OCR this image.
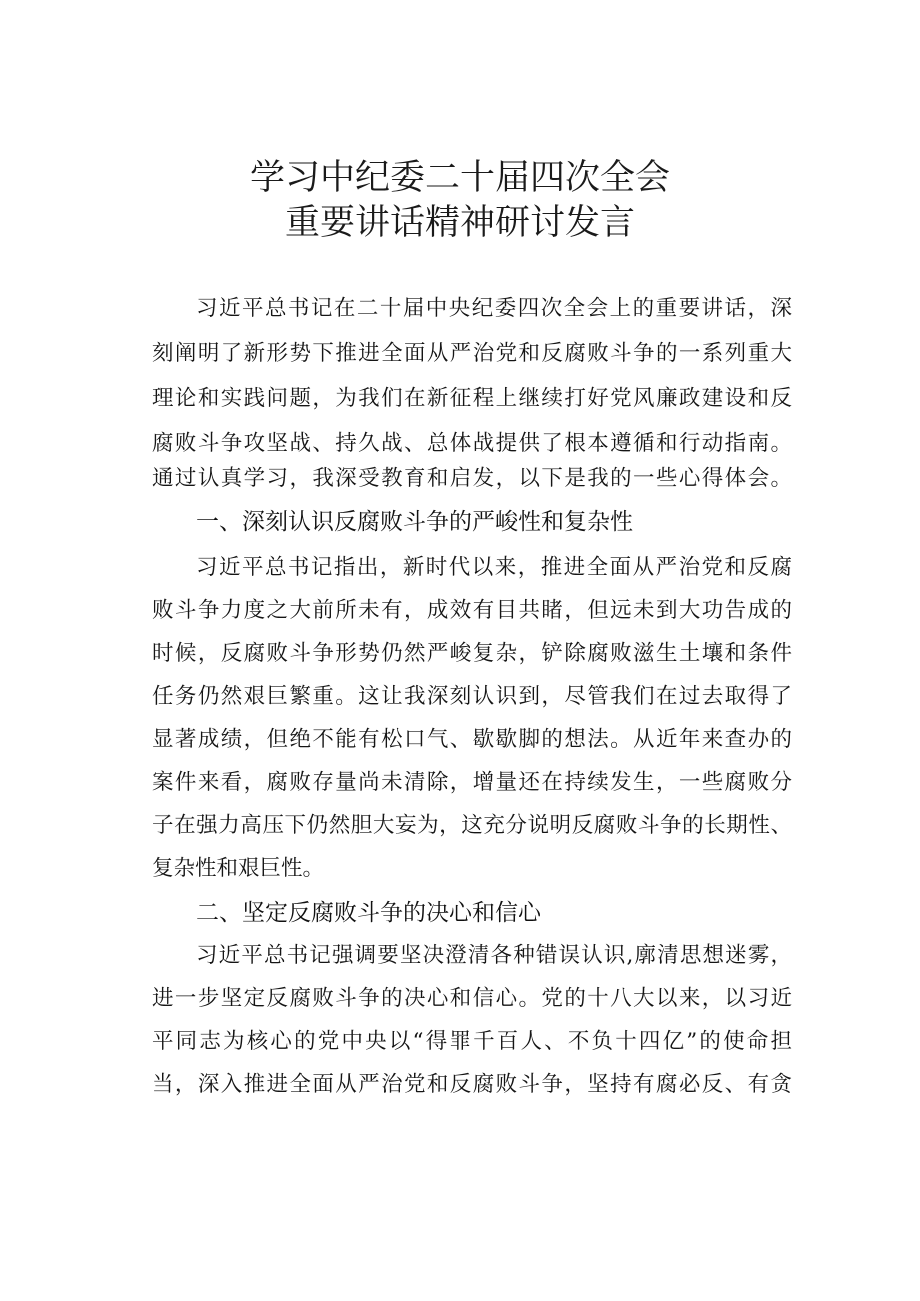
学习中纪委二十届四次全会
重要讲话精神研讨发言
习近平总书记在二十届中央纪委四次全会上的重要讲话，深
刻阐明了新形势下推进全面从严治党和反腐败斗争的一系列重大
理论和实践问题，为我们在新征程上继续打好党风廉政建设和反
腐败斗争攻坚战、持久战、总体战提供了根本遵循和行动指南。
通过认真学习，我深受教育和启发，以下是我的一些心得体会。
一、深刻认识反腐败斗争的严峻性和复杂性
习近平总书记指出，新时代以来，推进全面从严治党和反腐
败斗争力度之大前所未有，成效有目共睹，但远未到大功告成的
时候，反腐败斗争形势仍然严峻复杂，铲除腐败滋生土壤和条件
任务仍然艰巨繁重。这让我深刻认识到，尽管我们在过去取得了
显著成绩，但绝不能有松口气、歇歇脚的想法。从近年来查办的
案件来看，腐败存量尚未清除，增量还在持续发生，一些腐败分
子在强力高压下仍然胆大妄为，这充分说明反腐败斗争的长期性、
复杂性和艰巨性。
二、坚定反腐败斗争的决心和信心
习近平总书记强调要坚决澄清各种错误认识,廓清思想迷雾，
进一步坚定反腐败斗争的决心和信心。党的十八大以来，以习近
平同志为核心的党中央以“得罪千百人、不负十四亿”的使命担
当，深入推进全面从严治党和反腐败斗争，坚持有腐必反、有贪
